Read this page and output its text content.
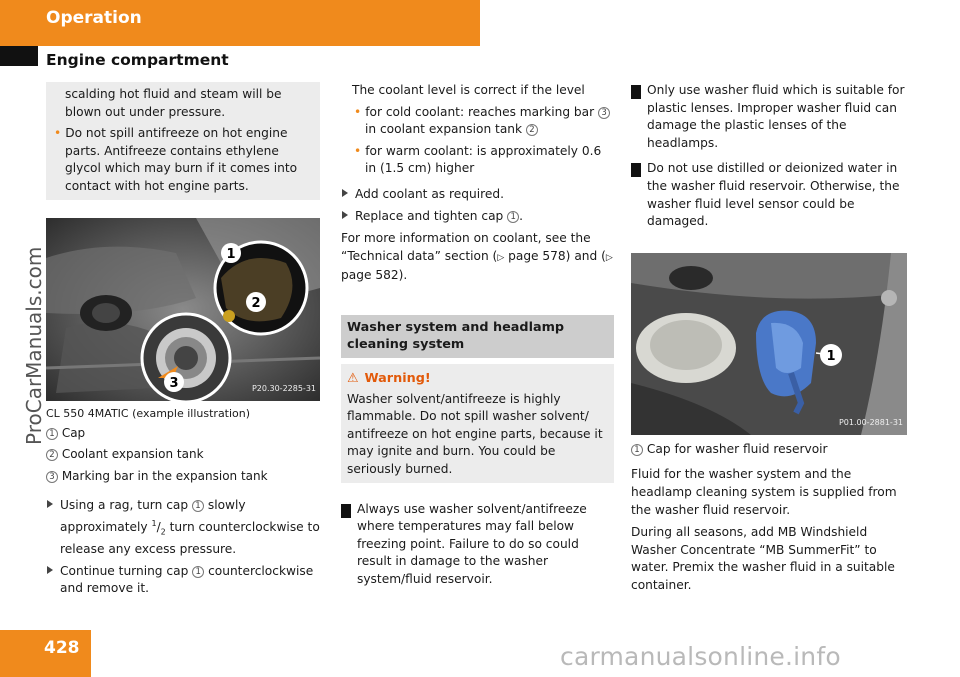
Operation
Engine compartment
ProCarManuals.com
scalding hot fluid and steam will be blown out under pressure.
• Do not spill antifreeze on hot engine parts. Antifreeze contains ethylene glycol which may burn if it comes into contact with hot engine parts.
1
2
3	P20.30-2285-31
CL 550 4MATIC (example illustration)
1 Cap
2 Coolant expansion tank
3 Marking bar in the expansion tank
Using a rag, turn cap 1 slowly approximately $^1/_2$ turn counterclockwise to release any excess pressure.
Continue turning cap 1 counterclockwise and remove it.
The coolant level is correct if the level
• for cold coolant: reaches marking bar 3 in coolant expansion tank 2
• for warm coolant: is approximately 0.6 in (1.5 cm) higher
Add coolant as required.
Replace and tighten cap 1 .
For more information on coolant, see the “Technical data” section (▷ page 578) and (▷ page 582).
Washer system and headlamp cleaning system
⚠ Warning!
Washer solvent/antifreeze is highly flammable. Do not spill washer solvent/ antifreeze on hot engine parts, because it may ignite and burn. You could be seriously burned.
! Always use washer solvent/antifreeze where temperatures may fall below freezing point. Failure to do so could result in damage to the washer system/fluid reservoir.
! Only use washer fluid which is suitable for plastic lenses. Improper washer fluid can damage the plastic lenses of the headlamps.
! Do not use distilled or deionized water in the washer fluid reservoir. Otherwise, the washer fluid level sensor could be damaged.
1
P01.00-2881-31
1 Cap for washer fluid reservoir
Fluid for the washer system and the headlamp cleaning system is supplied from the washer fluid reservoir.
During all seasons, add MB Windshield Washer Concentrate “MB SummerFit” to water. Premix the washer fluid in a suitable container.
428	carmanualsonline.info
